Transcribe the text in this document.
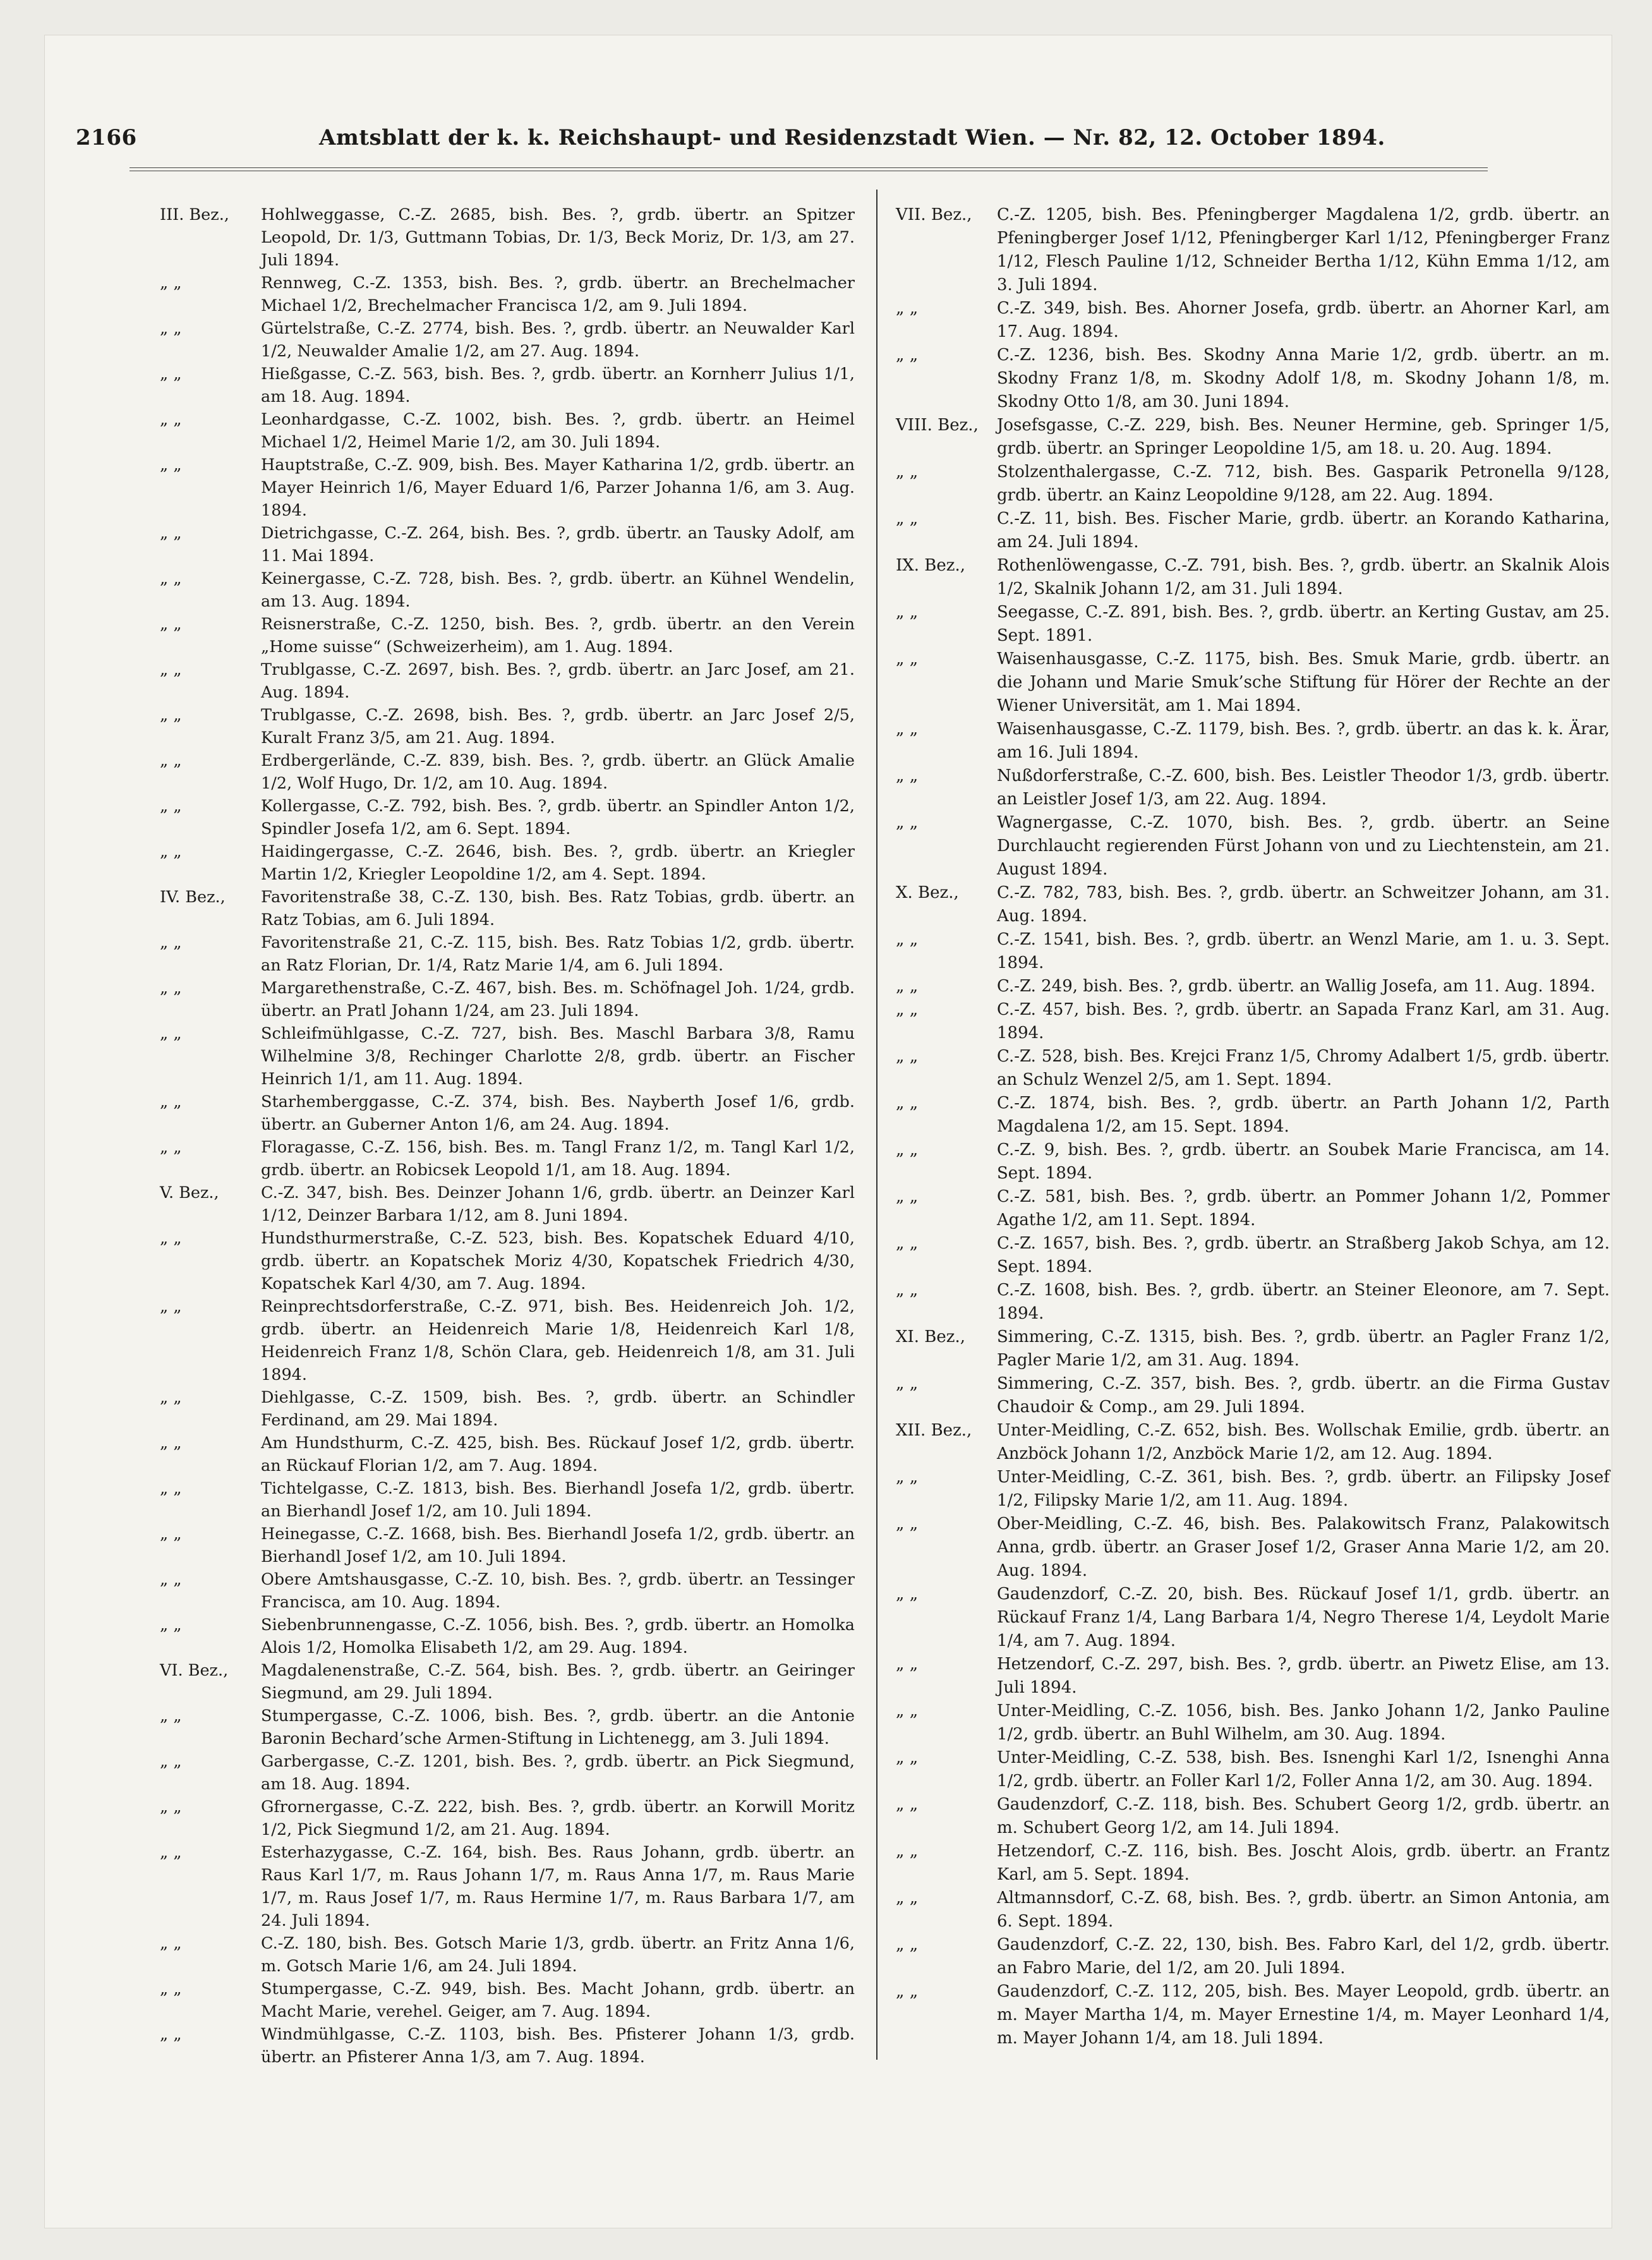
2166	Amtsblatt der k. k. Reichshaupt- und Residenzstadt Wien. — Nr. 82, 12. October 1894.
III. Bez.,	Hohlweggasse, C.-Z. 2685, bish. Bes. ?, grdb. übertr. an Spitzer Leopold, Dr. 1/3, Guttmann Tobias, Dr. 1/3, Beck Moriz, Dr. 1/3, am 27. Juli 1894.
„ „	Rennweg, C.-Z. 1353, bish. Bes. ?, grdb. übertr. an Brechelmacher Michael 1/2, Brechelmacher Francisca 1/2, am 9. Juli 1894.
„ „	Gürtelstraße, C.-Z. 2774, bish. Bes. ?, grdb. übertr. an Neuwalder Karl 1/2, Neuwalder Amalie 1/2, am 27. Aug. 1894.
„ „	Hießgasse, C.-Z. 563, bish. Bes. ?, grdb. übertr. an Kornherr Julius 1/1, am 18. Aug. 1894.
„ „	Leonhardgasse, C.-Z. 1002, bish. Bes. ?, grdb. übertr. an Heimel Michael 1/2, Heimel Marie 1/2, am 30. Juli 1894.
„ „	Hauptstraße, C.-Z. 909, bish. Bes. Mayer Katharina 1/2, grdb. übertr. an Mayer Heinrich 1/6, Mayer Eduard 1/6, Parzer Johanna 1/6, am 3. Aug. 1894.
„ „	Dietrichgasse, C.-Z. 264, bish. Bes. ?, grdb. übertr. an Tausky Adolf, am 11. Mai 1894.
„ „	Keinergasse, C.-Z. 728, bish. Bes. ?, grdb. übertr. an Kühnel Wendelin, am 13. Aug. 1894.
„ „	Reisnerstraße, C.-Z. 1250, bish. Bes. ?, grdb. übertr. an den Verein „Home suisse“ (Schweizerheim), am 1. Aug. 1894.
„ „	Trublgasse, C.-Z. 2697, bish. Bes. ?, grdb. übertr. an Jarc Josef, am 21. Aug. 1894.
„ „	Trublgasse, C.-Z. 2698, bish. Bes. ?, grdb. übertr. an Jarc Josef 2/5, Kuralt Franz 3/5, am 21. Aug. 1894.
„ „	Erdbergerlände, C.-Z. 839, bish. Bes. ?, grdb. übertr. an Glück Amalie 1/2, Wolf Hugo, Dr. 1/2, am 10. Aug. 1894.
„ „	Kollergasse, C.-Z. 792, bish. Bes. ?, grdb. übertr. an Spindler Anton 1/2, Spindler Josefa 1/2, am 6. Sept. 1894.
„ „	Haidingergasse, C.-Z. 2646, bish. Bes. ?, grdb. übertr. an Kriegler Martin 1/2, Kriegler Leopoldine 1/2, am 4. Sept. 1894.
IV. Bez.,	Favoritenstraße 38, C.-Z. 130, bish. Bes. Ratz Tobias, grdb. übertr. an Ratz Tobias, am 6. Juli 1894.
„ „	Favoritenstraße 21, C.-Z. 115, bish. Bes. Ratz Tobias 1/2, grdb. übertr. an Ratz Florian, Dr. 1/4, Ratz Marie 1/4, am 6. Juli 1894.
„ „	Margarethenstraße, C.-Z. 467, bish. Bes. m. Schöfnagel Joh. 1/24, grdb. übertr. an Pratl Johann 1/24, am 23. Juli 1894.
„ „	Schleifmühlgasse, C.-Z. 727, bish. Bes. Maschl Barbara 3/8, Ramu Wilhelmine 3/8, Rechinger Charlotte 2/8, grdb. übertr. an Fischer Heinrich 1/1, am 11. Aug. 1894.
„ „	Starhemberggasse, C.-Z. 374, bish. Bes. Nayberth Josef 1/6, grdb. übertr. an Guberner Anton 1/6, am 24. Aug. 1894.
„ „	Floragasse, C.-Z. 156, bish. Bes. m. Tangl Franz 1/2, m. Tangl Karl 1/2, grdb. übertr. an Robicsek Leopold 1/1, am 18. Aug. 1894.
V. Bez.,	C.-Z. 347, bish. Bes. Deinzer Johann 1/6, grdb. übertr. an Deinzer Karl 1/12, Deinzer Barbara 1/12, am 8. Juni 1894.
„ „	Hundsthurmerstraße, C.-Z. 523, bish. Bes. Kopatschek Eduard 4/10, grdb. übertr. an Kopatschek Moriz 4/30, Kopatschek Friedrich 4/30, Kopatschek Karl 4/30, am 7. Aug. 1894.
„ „	Reinprechtsdorferstraße, C.-Z. 971, bish. Bes. Heidenreich Joh. 1/2, grdb. übertr. an Heidenreich Marie 1/8, Heidenreich Karl 1/8, Heidenreich Franz 1/8, Schön Clara, geb. Heidenreich 1/8, am 31. Juli 1894.
„ „	Diehlgasse, C.-Z. 1509, bish. Bes. ?, grdb. übertr. an Schindler Ferdinand, am 29. Mai 1894.
„ „	Am Hundsthurm, C.-Z. 425, bish. Bes. Rückauf Josef 1/2, grdb. übertr. an Rückauf Florian 1/2, am 7. Aug. 1894.
„ „	Tichtelgasse, C.-Z. 1813, bish. Bes. Bierhandl Josefa 1/2, grdb. übertr. an Bierhandl Josef 1/2, am 10. Juli 1894.
„ „	Heinegasse, C.-Z. 1668, bish. Bes. Bierhandl Josefa 1/2, grdb. übertr. an Bierhandl Josef 1/2, am 10. Juli 1894.
„ „	Obere Amtshausgasse, C.-Z. 10, bish. Bes. ?, grdb. übertr. an Tessinger Francisca, am 10. Aug. 1894.
„ „	Siebenbrunnengasse, C.-Z. 1056, bish. Bes. ?, grdb. übertr. an Homolka Alois 1/2, Homolka Elisabeth 1/2, am 29. Aug. 1894.
VI. Bez.,	Magdalenenstraße, C.-Z. 564, bish. Bes. ?, grdb. übertr. an Geiringer Siegmund, am 29. Juli 1894.
„ „	Stumpergasse, C.-Z. 1006, bish. Bes. ?, grdb. übertr. an die Antonie Baronin Bechard’sche Armen-Stiftung in Lichtenegg, am 3. Juli 1894.
„ „	Garbergasse, C.-Z. 1201, bish. Bes. ?, grdb. übertr. an Pick Siegmund, am 18. Aug. 1894.
„ „	Gfrornergasse, C.-Z. 222, bish. Bes. ?, grdb. übertr. an Korwill Moritz 1/2, Pick Siegmund 1/2, am 21. Aug. 1894.
„ „	Esterhazygasse, C.-Z. 164, bish. Bes. Raus Johann, grdb. übertr. an Raus Karl 1/7, m. Raus Johann 1/7, m. Raus Anna 1/7, m. Raus Marie 1/7, m. Raus Josef 1/7, m. Raus Hermine 1/7, m. Raus Barbara 1/7, am 24. Juli 1894.
„ „	C.-Z. 180, bish. Bes. Gotsch Marie 1/3, grdb. übertr. an Fritz Anna 1/6, m. Gotsch Marie 1/6, am 24. Juli 1894.
„ „	Stumpergasse, C.-Z. 949, bish. Bes. Macht Johann, grdb. übertr. an Macht Marie, verehel. Geiger, am 7. Aug. 1894.
„ „	Windmühlgasse, C.-Z. 1103, bish. Bes. Pfisterer Johann 1/3, grdb. übertr. an Pfisterer Anna 1/3, am 7. Aug. 1894.
VII. Bez.,	C.-Z. 1205, bish. Bes. Pfeningberger Magdalena 1/2, grdb. übertr. an Pfeningberger Josef 1/12, Pfeningberger Karl 1/12, Pfeningberger Franz 1/12, Flesch Pauline 1/12, Schneider Bertha 1/12, Kühn Emma 1/12, am 3. Juli 1894.
„ „	C.-Z. 349, bish. Bes. Ahorner Josefa, grdb. übertr. an Ahorner Karl, am 17. Aug. 1894.
„ „	C.-Z. 1236, bish. Bes. Skodny Anna Marie 1/2, grdb. übertr. an m. Skodny Franz 1/8, m. Skodny Adolf 1/8, m. Skodny Johann 1/8, m. Skodny Otto 1/8, am 30. Juni 1894.
VIII. Bez.,	Josefsgasse, C.-Z. 229, bish. Bes. Neuner Hermine, geb. Springer 1/5, grdb. übertr. an Springer Leopoldine 1/5, am 18. u. 20. Aug. 1894.
„ „	Stolzenthalergasse, C.-Z. 712, bish. Bes. Gasparik Petronella 9/128, grdb. übertr. an Kainz Leopoldine 9/128, am 22. Aug. 1894.
„ „	C.-Z. 11, bish. Bes. Fischer Marie, grdb. übertr. an Korando Katharina, am 24. Juli 1894.
IX. Bez.,	Rothenlöwengasse, C.-Z. 791, bish. Bes. ?, grdb. übertr. an Skalnik Alois 1/2, Skalnik Johann 1/2, am 31. Juli 1894.
„ „	Seegasse, C.-Z. 891, bish. Bes. ?, grdb. übertr. an Kerting Gustav, am 25. Sept. 1891.
„ „	Waisenhausgasse, C.-Z. 1175, bish. Bes. Smuk Marie, grdb. übertr. an die Johann und Marie Smuk’sche Stiftung für Hörer der Rechte an der Wiener Universität, am 1. Mai 1894.
„ „	Waisenhausgasse, C.-Z. 1179, bish. Bes. ?, grdb. übertr. an das k. k. Ärar, am 16. Juli 1894.
„ „	Nußdorferstraße, C.-Z. 600, bish. Bes. Leistler Theodor 1/3, grdb. übertr. an Leistler Josef 1/3, am 22. Aug. 1894.
„ „	Wagnergasse, C.-Z. 1070, bish. Bes. ?, grdb. übertr. an Seine Durchlaucht regierenden Fürst Johann von und zu Liechtenstein, am 21. August 1894.
X. Bez.,	C.-Z. 782, 783, bish. Bes. ?, grdb. übertr. an Schweitzer Johann, am 31. Aug. 1894.
„ „	C.-Z. 1541, bish. Bes. ?, grdb. übertr. an Wenzl Marie, am 1. u. 3. Sept. 1894.
„ „	C.-Z. 249, bish. Bes. ?, grdb. übertr. an Wallig Josefa, am 11. Aug. 1894.
„ „	C.-Z. 457, bish. Bes. ?, grdb. übertr. an Sapada Franz Karl, am 31. Aug. 1894.
„ „	C.-Z. 528, bish. Bes. Krejci Franz 1/5, Chromy Adalbert 1/5, grdb. übertr. an Schulz Wenzel 2/5, am 1. Sept. 1894.
„ „	C.-Z. 1874, bish. Bes. ?, grdb. übertr. an Parth Johann 1/2, Parth Magdalena 1/2, am 15. Sept. 1894.
„ „	C.-Z. 9, bish. Bes. ?, grdb. übertr. an Soubek Marie Francisca, am 14. Sept. 1894.
„ „	C.-Z. 581, bish. Bes. ?, grdb. übertr. an Pommer Johann 1/2, Pommer Agathe 1/2, am 11. Sept. 1894.
„ „	C.-Z. 1657, bish. Bes. ?, grdb. übertr. an Straßberg Jakob Schya, am 12. Sept. 1894.
„ „	C.-Z. 1608, bish. Bes. ?, grdb. übertr. an Steiner Eleonore, am 7. Sept. 1894.
XI. Bez.,	Simmering, C.-Z. 1315, bish. Bes. ?, grdb. übertr. an Pagler Franz 1/2, Pagler Marie 1/2, am 31. Aug. 1894.
„ „	Simmering, C.-Z. 357, bish. Bes. ?, grdb. übertr. an die Firma Gustav Chaudoir & Comp., am 29. Juli 1894.
XII. Bez.,	Unter-Meidling, C.-Z. 652, bish. Bes. Wollschak Emilie, grdb. übertr. an Anzböck Johann 1/2, Anzböck Marie 1/2, am 12. Aug. 1894.
„ „	Unter-Meidling, C.-Z. 361, bish. Bes. ?, grdb. übertr. an Filipsky Josef 1/2, Filipsky Marie 1/2, am 11. Aug. 1894.
„ „	Ober-Meidling, C.-Z. 46, bish. Bes. Palakowitsch Franz, Palakowitsch Anna, grdb. übertr. an Graser Josef 1/2, Graser Anna Marie 1/2, am 20. Aug. 1894.
„ „	Gaudenzdorf, C.-Z. 20, bish. Bes. Rückauf Josef 1/1, grdb. übertr. an Rückauf Franz 1/4, Lang Barbara 1/4, Negro Therese 1/4, Leydolt Marie 1/4, am 7. Aug. 1894.
„ „	Hetzendorf, C.-Z. 297, bish. Bes. ?, grdb. übertr. an Piwetz Elise, am 13. Juli 1894.
„ „	Unter-Meidling, C.-Z. 1056, bish. Bes. Janko Johann 1/2, Janko Pauline 1/2, grdb. übertr. an Buhl Wilhelm, am 30. Aug. 1894.
„ „	Unter-Meidling, C.-Z. 538, bish. Bes. Isnenghi Karl 1/2, Isnenghi Anna 1/2, grdb. übertr. an Foller Karl 1/2, Foller Anna 1/2, am 30. Aug. 1894.
„ „	Gaudenzdorf, C.-Z. 118, bish. Bes. Schubert Georg 1/2, grdb. übertr. an m. Schubert Georg 1/2, am 14. Juli 1894.
„ „	Hetzendorf, C.-Z. 116, bish. Bes. Joscht Alois, grdb. übertr. an Frantz Karl, am 5. Sept. 1894.
„ „	Altmannsdorf, C.-Z. 68, bish. Bes. ?, grdb. übertr. an Simon Antonia, am 6. Sept. 1894.
„ „	Gaudenzdorf, C.-Z. 22, 130, bish. Bes. Fabro Karl, del 1/2, grdb. übertr. an Fabro Marie, del 1/2, am 20. Juli 1894.
„ „	Gaudenzdorf, C.-Z. 112, 205, bish. Bes. Mayer Leopold, grdb. übertr. an m. Mayer Martha 1/4, m. Mayer Ernestine 1/4, m. Mayer Leonhard 1/4, m. Mayer Johann 1/4, am 18. Juli 1894.
